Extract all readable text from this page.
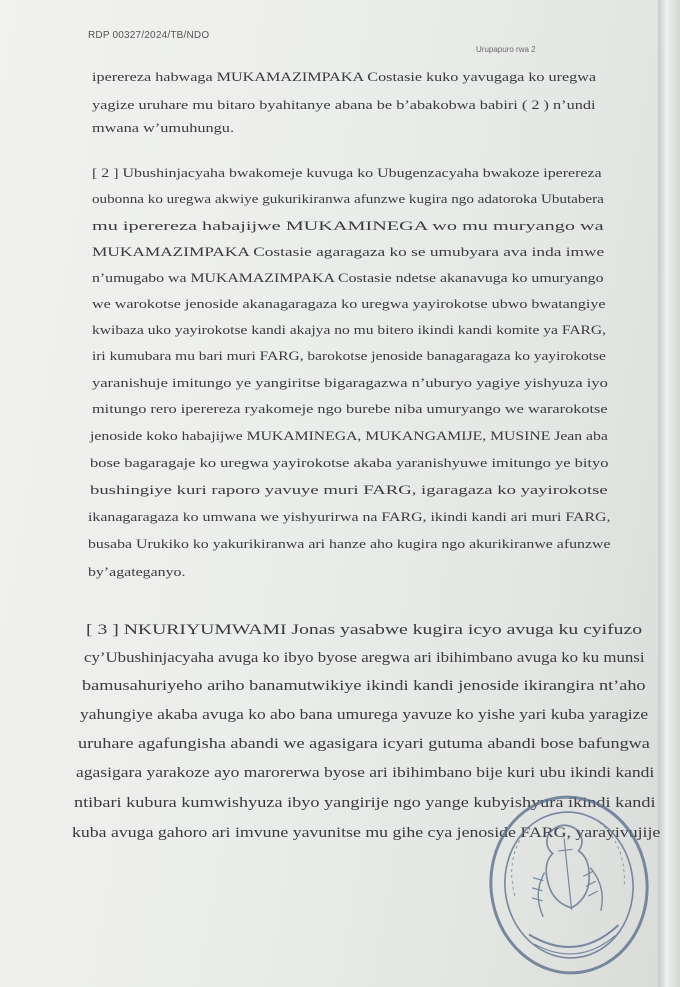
RDP 00327/2024/TB/NDO
Urupapuro rwa 2
iperereza habwaga MUKAMAZIMPAKA Costasie kuko yavugaga ko uregwa
yagize uruhare mu bitaro byahitanye abana be b’abakobwa babiri ( 2 ) n’undi
mwana w’umuhungu.
[ 2 ] Ubushinjacyaha bwakomeje kuvuga ko Ubugenzacyaha bwakoze iperereza
oubonna ko uregwa akwiye gukurikiranwa afunzwe kugira ngo adatoroka Ubutabera
mu iperereza habajijwe MUKAMINEGA wo mu muryango wa
MUKAMAZIMPAKA Costasie agaragaza ko se umubyara ava inda imwe
n’umugabo wa MUKAMAZIMPAKA Costasie ndetse akanavuga ko umuryango
we warokotse jenoside akanagaragaza ko uregwa yayirokotse ubwo bwatangiye
kwibaza uko yayirokotse kandi akajya no mu bitero ikindi kandi komite ya FARG,
iri kumubara mu bari muri FARG, barokotse jenoside banagaragaza ko yayirokotse
yaranishuje imitungo ye yangiritse bigaragazwa n’uburyo yagiye yishyuza iyo
mitungo rero iperereza ryakomeje ngo burebe niba umuryango we wararokotse
jenoside koko habajijwe MUKAMINEGA, MUKANGAMIJE, MUSINE Jean aba
bose bagaragaje ko uregwa yayirokotse akaba yaranishyuwe imitungo ye bityo
bushingiye kuri raporo yavuye muri FARG, igaragaza ko yayirokotse
ikanagaragaza ko umwana we yishyurirwa na FARG, ikindi kandi ari muri FARG,
busaba Urukiko ko yakurikiranwa ari hanze aho kugira ngo akurikiranwe afunzwe
by’agateganyo.
[ 3 ] NKURIYUMWAMI Jonas yasabwe kugira icyo avuga ku cyifuzo
cy’Ubushinjacyaha avuga ko ibyo byose aregwa ari ibihimbano avuga ko ku munsi
bamusahuriyeho ariho banamutwikiye ikindi kandi jenoside ikirangira nt’aho
yahungiye akaba avuga ko abo bana umurega yavuze ko yishe yari kuba yaragize
uruhare agafungisha abandi we agasigara icyari gutuma abandi bose bafungwa
agasigara yarakoze ayo marorerwa byose ari ibihimbano bije kuri ubu ikindi kandi
ntibari kubura kumwishyuza ibyo yangirije ngo yange kubyishyura ikindi kandi
kuba avuga gahoro ari imvune yavunitse mu gihe cya jenoside FARG, yarayivujije
